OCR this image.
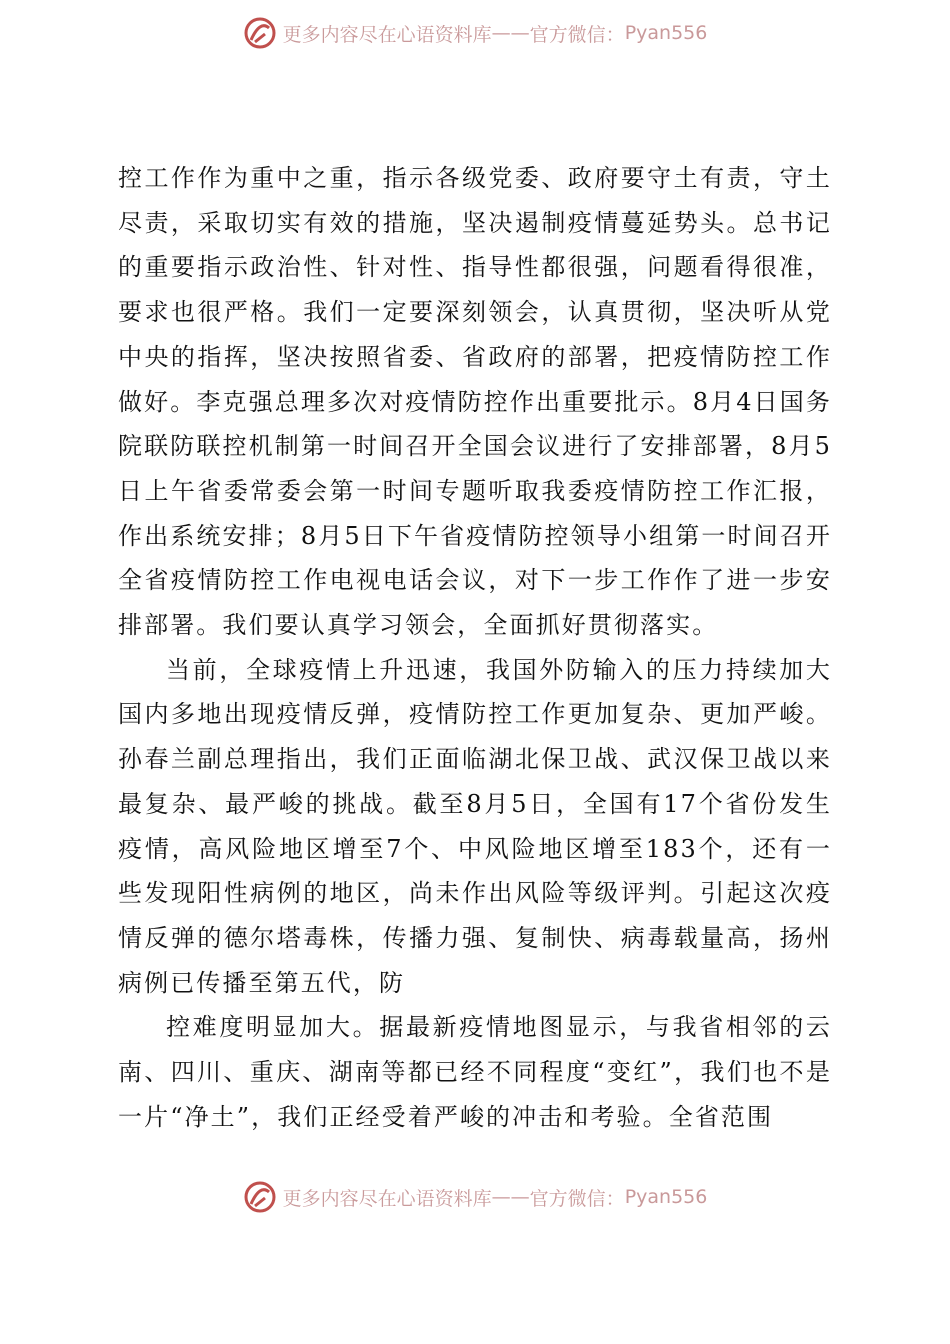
更多内容尽在心语资料库 —— 官方微信： Pyan556

控工作作为重中之重，指示各级党委、政府要守土有责，守土尽责，采取切实有效的措施，坚决遏制疫情蔓延势头。总书记的重要指示政治性、针对性、指导性都很强，问题看得很准，要求也很严格。我们一定要深刻领会，认真贯彻，坚决听从党中央的指挥，坚决按照省委、省政府的部署，把疫情防控工作做好。李克强总理多次对疫情防控作出重要批示。8月4日国务院联防联控机制第一时间召开全国会议进行了安排部署，8月5日上午省委常委会第一时间专题听取我委疫情防控工作汇报，作出系统安排；8月5日下午省疫情防控领导小组第一时间召开全省疫情防控工作电视电话会议，对下一步工作作了进一步安排部署。我们要认真学习领会，全面抓好贯彻落实。

当前，全球疫情上升迅速，我国外防输入的压力持续加大国内多地出现疫情反弹，疫情防控工作更加复杂、更加严峻。孙春兰副总理指出，我们正面临湖北保卫战、武汉保卫战以来最复杂、最严峻的挑战。截至8月5日，全国有17个省份发生疫情，高风险地区增至7个、中风险地区增至183个，还有一些发现阳性病例的地区，尚未作出风险等级评判。引起这次疫情反弹的德尔塔毒株，传播力强、复制快、病毒载量高，扬州病例已传播至第五代，防

控难度明显加大。据最新疫情地图显示，与我省相邻的云南、四川、重庆、湖南等都已经不同程度“变红”，我们也不是一片“净土”，我们正经受着严峻的冲击和考验。全省范围

更多内容尽在心语资料库 —— 官方微信： Pyan556
